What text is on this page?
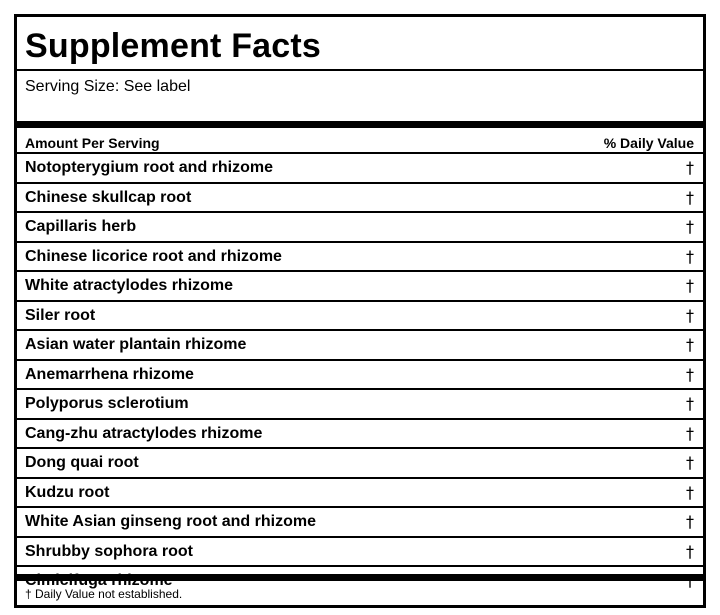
Supplement Facts
Serving Size: See label
Amount Per Serving	% Daily Value
Notopterygium root and rhizome	†
Chinese skullcap root	†
Capillaris herb	†
Chinese licorice root and rhizome	†
White atractylodes rhizome	†
Siler root	†
Asian water plantain rhizome	†
Anemarrhena rhizome	†
Polyporus sclerotium	†
Cang-zhu atractylodes rhizome	†
Dong quai root	†
Kudzu root	†
White Asian ginseng root and rhizome	†
Shrubby sophora root	†
† Daily Value not established.
